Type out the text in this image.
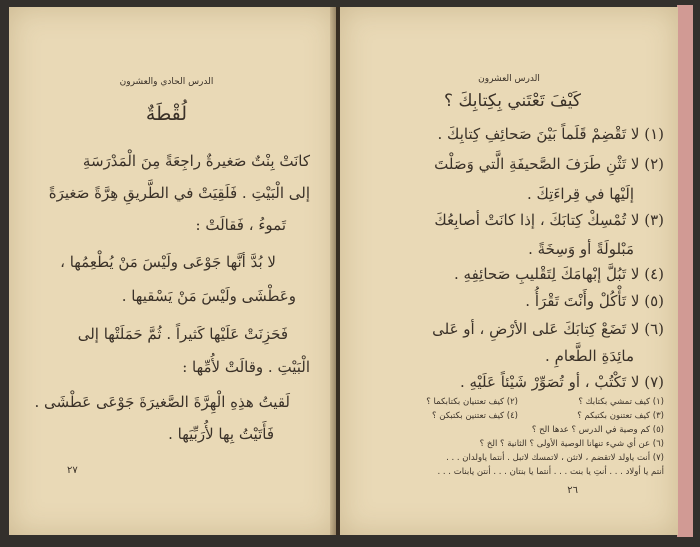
الدرس الحادي والعشرون
لُقْطَةٌ
كانَتْ بِنْتٌ صَغيرةٌ راجِعَةً مِنَ الْمَدْرَسَةِ
إلى الْبَيْتِ . فَلَقِيَتْ في الطَّريقِ هِرَّةً صَغيرَةً
تَموءُ ، فَقالَتْ :
لا بُدَّ أنَّها جَوْعَى ولَيْسَ مَنْ يُطْعِمُها ،
وعَطْشَى ولَيْسَ مَنْ يَسْقيها .
فَحَزِنَتْ عَلَيْها كَثيراً . ثُمَّ حَمَلَتْها إلى
الْبَيْتِ . وقالَتْ لأُمِّها :
لَقيتُ هذِهِ الْهِرَّةَ الصَّغيرَةَ جَوْعَى عَطْشَى .
فَأَتَيْتُ بِها لأُرَبِّيَها .
٢٧
الدرس العشرون
كَيْفَ تَعْتَني بِكِتابِكَ ؟
(١) لا تَقْضِمْ قَلَماً بَيْنَ صَحائِفِ كِتابِكَ .
(٢) لا تَثْنِ طَرَفَ الصَّحيفَةِ الَّتي وَصَلْتَ
إلَيْها في قِراءَتِكَ .
(٣) لا تُمْسِكْ كِتابَكَ ، إذا كانَتْ أصابِعُكَ
مَبْلولَةً أو وَسِخَةً .
(٤) لا تَبُلَّ إبْهامَكَ لِتَقْليبِ صَحائِفِهِ .
(٥) لا تَأْكُلْ وأَنْتَ تَقْرَأُ .
(٦) لا تَضَعْ كِتابَكَ عَلى الأرْضِ ، أو عَلى
مائِدَةِ الطَّعامِ .
(٧) لا تَكْتُبْ ، أو تُصَوِّرْ شَيْئاً عَلَيْهِ .
(١) كيف تمشي بكتابك ؟
(٢) كيف تعتنيان بكتابكما ؟
(٣) كيف تعتنون بكتبكم ؟
(٤) كيف تعتنين بكتبكن ؟
(٥) كم وصية في الدرس ؟ عدها الح ؟
(٦) عن أي شيء تنهانا الوصية الأولى ؟ الثانية ؟ الخ ؟
(٧) أنت ياولد لاتقضم ، لاتثن ، لاتمسك لاتبل . أنتما ياولدان . . .
أنتم يا أولاد . . . أنتِ يا بنت . . . أنتما يا بنتان . . . أنتن يابنات . . .
٢٦
